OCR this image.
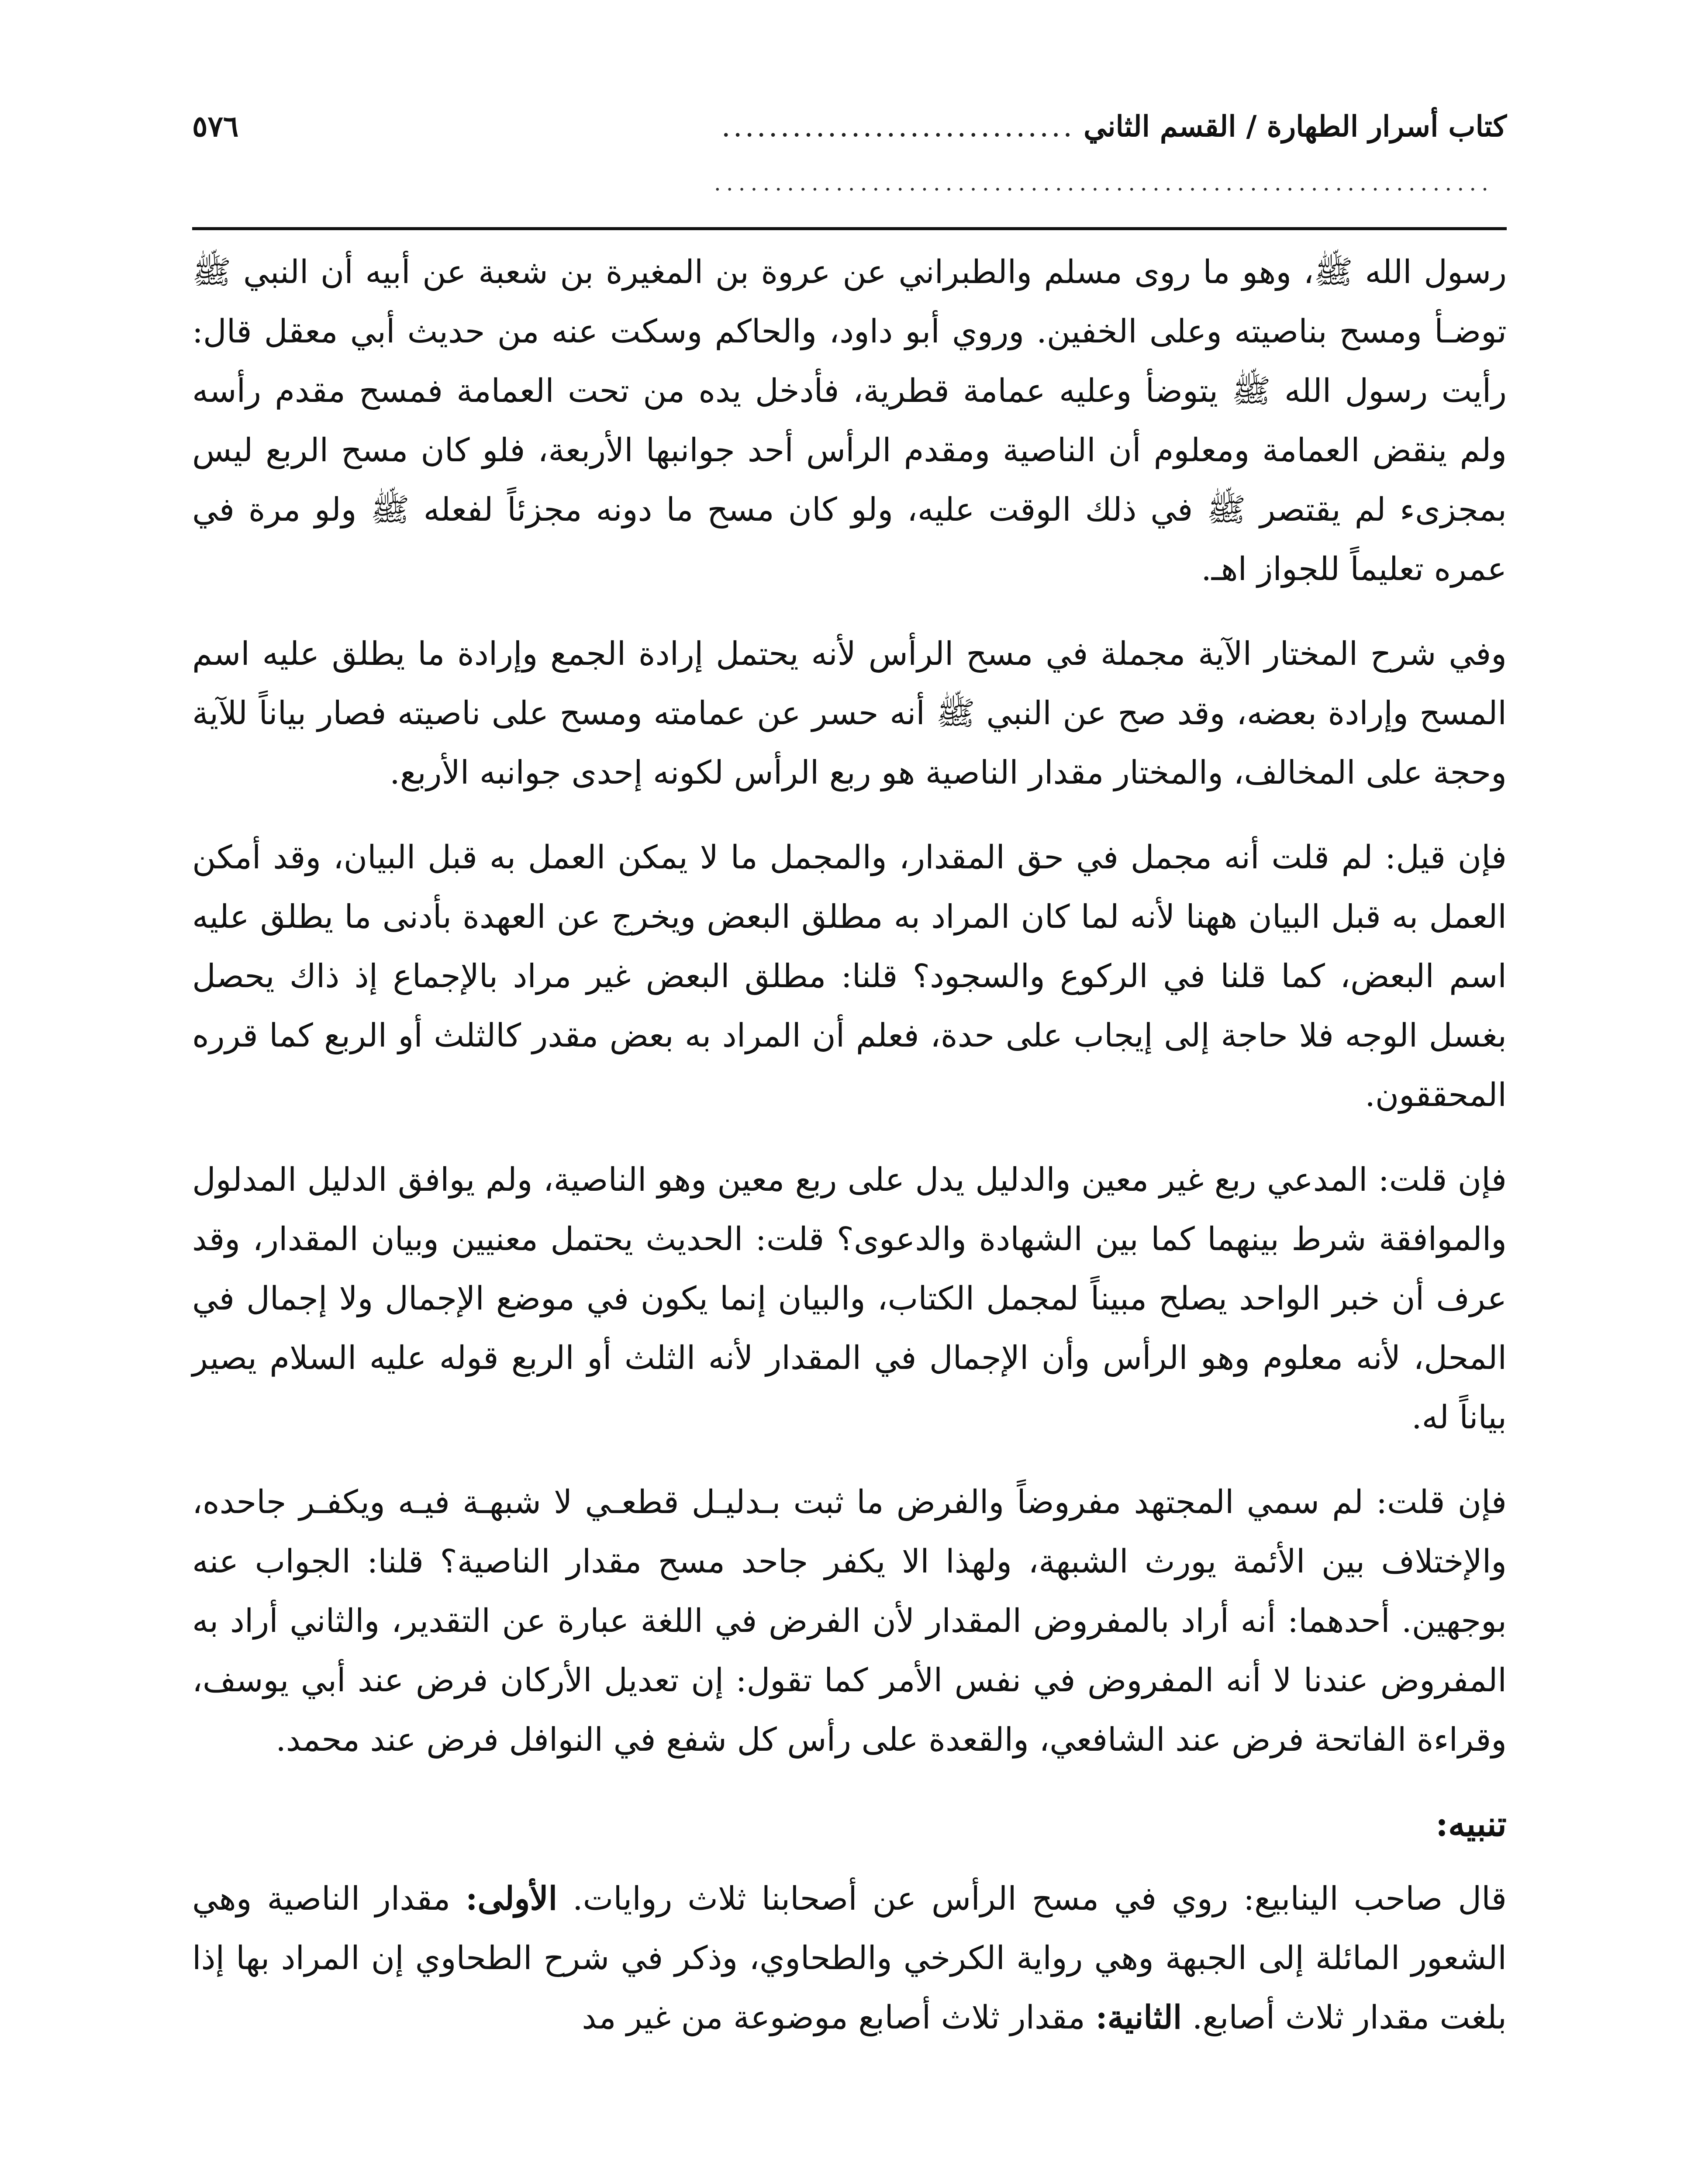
كتاب أسرار الطهارة / القسم الثاني
..............................
٥٧٦
................................................................

رسول الله ﷺ، وهو ما روى مسلم والطبراني عن عروة بن المغيرة بن شعبة عن أبيه أن النبي ﷺ توضـأ ومسح بناصيته وعلى الخفين. وروي أبو داود، والحاكم وسكت عنه من حديث أبي معقل قال: رأيت رسول الله ﷺ يتوضأ وعليه عمامة قطرية، فأدخل يده من تحت العمامة فمسح مقدم رأسه ولم ينقض العمامة ومعلوم أن الناصية ومقدم الرأس أحد جوانبها الأربعة، فلو كان مسح الربع ليس بمجزىء لم يقتصر ﷺ في ذلك الوقت عليه، ولو كان مسح ما دونه مجزئاً لفعله ﷺ ولو مرة في عمره تعليماً للجواز اهـ.

وفي شرح المختار الآية مجملة في مسح الرأس لأنه يحتمل إرادة الجمع وإرادة ما يطلق عليه اسم المسح وإرادة بعضه، وقد صح عن النبي ﷺ أنه حسر عن عمامته ومسح على ناصيته فصار بياناً للآية وحجة على المخالف، والمختار مقدار الناصية هو ربع الرأس لكونه إحدى جوانبه الأربع.

فإن قيل: لم قلت أنه مجمل في حق المقدار، والمجمل ما لا يمكن العمل به قبل البيان، وقد أمكن العمل به قبل البيان ههنا لأنه لما كان المراد به مطلق البعض ويخرج عن العهدة بأدنى ما يطلق عليه اسم البعض، كما قلنا في الركوع والسجود؟ قلنا: مطلق البعض غير مراد بالإجماع إذ ذاك يحصل بغسل الوجه فلا حاجة إلى إيجاب على حدة، فعلم أن المراد به بعض مقدر كالثلث أو الربع كما قرره المحققون.

فإن قلت: المدعي ربع غير معين والدليل يدل على ربع معين وهو الناصية، ولم يوافق الدليل المدلول والموافقة شرط بينهما كما بين الشهادة والدعوى؟ قلت: الحديث يحتمل معنيين وبيان المقدار، وقد عرف أن خبر الواحد يصلح مبيناً لمجمل الكتاب، والبيان إنما يكون في موضع الإجمال ولا إجمال في المحل، لأنه معلوم وهو الرأس وأن الإجمال في المقدار لأنه الثلث أو الربع قوله عليه السلام يصير بياناً له.

فإن قلت: لم سمي المجتهد مفروضاً والفرض ما ثبت بـدليـل قطعـي لا شبهـة فيـه ويكفـر جاحده، والإختلاف بين الأئمة يورث الشبهة، ولهذا الا يكفر جاحد مسح مقدار الناصية؟ قلنا: الجواب عنه بوجهين. أحدهما: أنه أراد بالمفروض المقدار لأن الفرض في اللغة عبارة عن التقدير، والثاني أراد به المفروض عندنا لا أنه المفروض في نفس الأمر كما تقول: إن تعديل الأركان فرض عند أبي يوسف، وقراءة الفاتحة فرض عند الشافعي، والقعدة على رأس كل شفع في النوافل فرض عند محمد.

تنبيه:

قال صاحب الينابيع: روي في مسح الرأس عن أصحابنا ثلاث روايات. الأولى: مقدار الناصية وهي الشعور المائلة إلى الجبهة وهي رواية الكرخي والطحاوي، وذكر في شرح الطحاوي إن المراد بها إذا بلغت مقدار ثلاث أصابع. الثانية: مقدار ثلاث أصابع موضوعة من غير مد
